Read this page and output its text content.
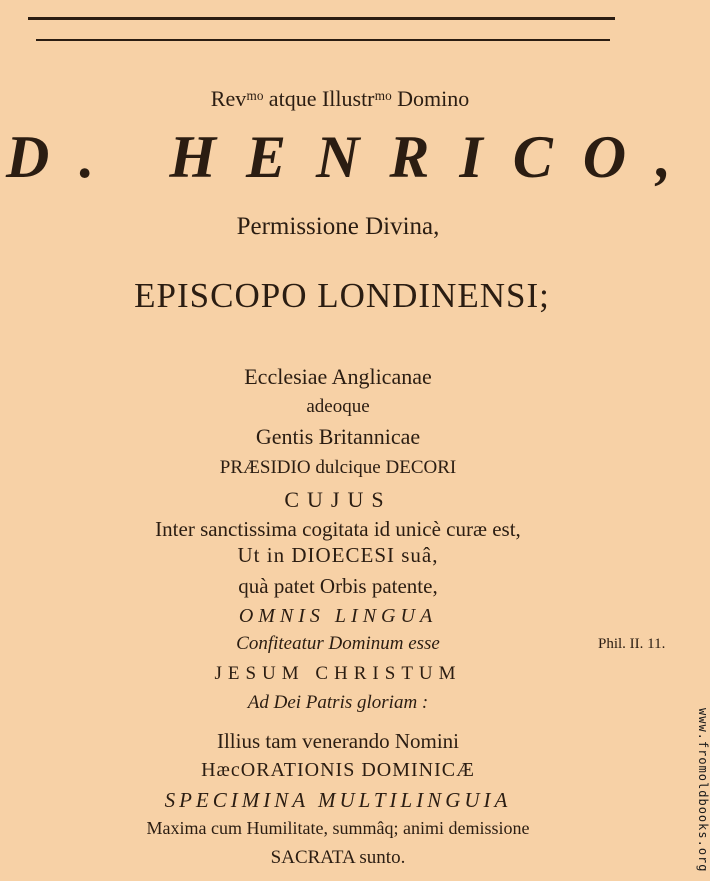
Revᵐᵒ atque Illustrᵐᵒ Domino
D. HENRICO,
Permissione Divina,
EPISCOPO LONDINENSI;
Ecclesiae Anglicanae
adeoque
Gentis Britannicae
PRÆSIDIO dulcique DECORI
CUJUS
Inter sanctissima cogitata id unicè curæ est,
Ut in DIOECESI suâ,
quà patet Orbis patente,
OMNIS LINGUA
Confiteatur Dominum esse
JESUM CHRISTUM
Ad Dei Patris gloriam :
Illius tam venerando Nomini
HæcORATIONIS DOMINICÆ
SPECIMINA MULTILINGUIA
Maxima cum Humilitate, summâq; animi demissione
SACRATA sunto.
Phil. II. 11.
www.fromoldbooks.org
